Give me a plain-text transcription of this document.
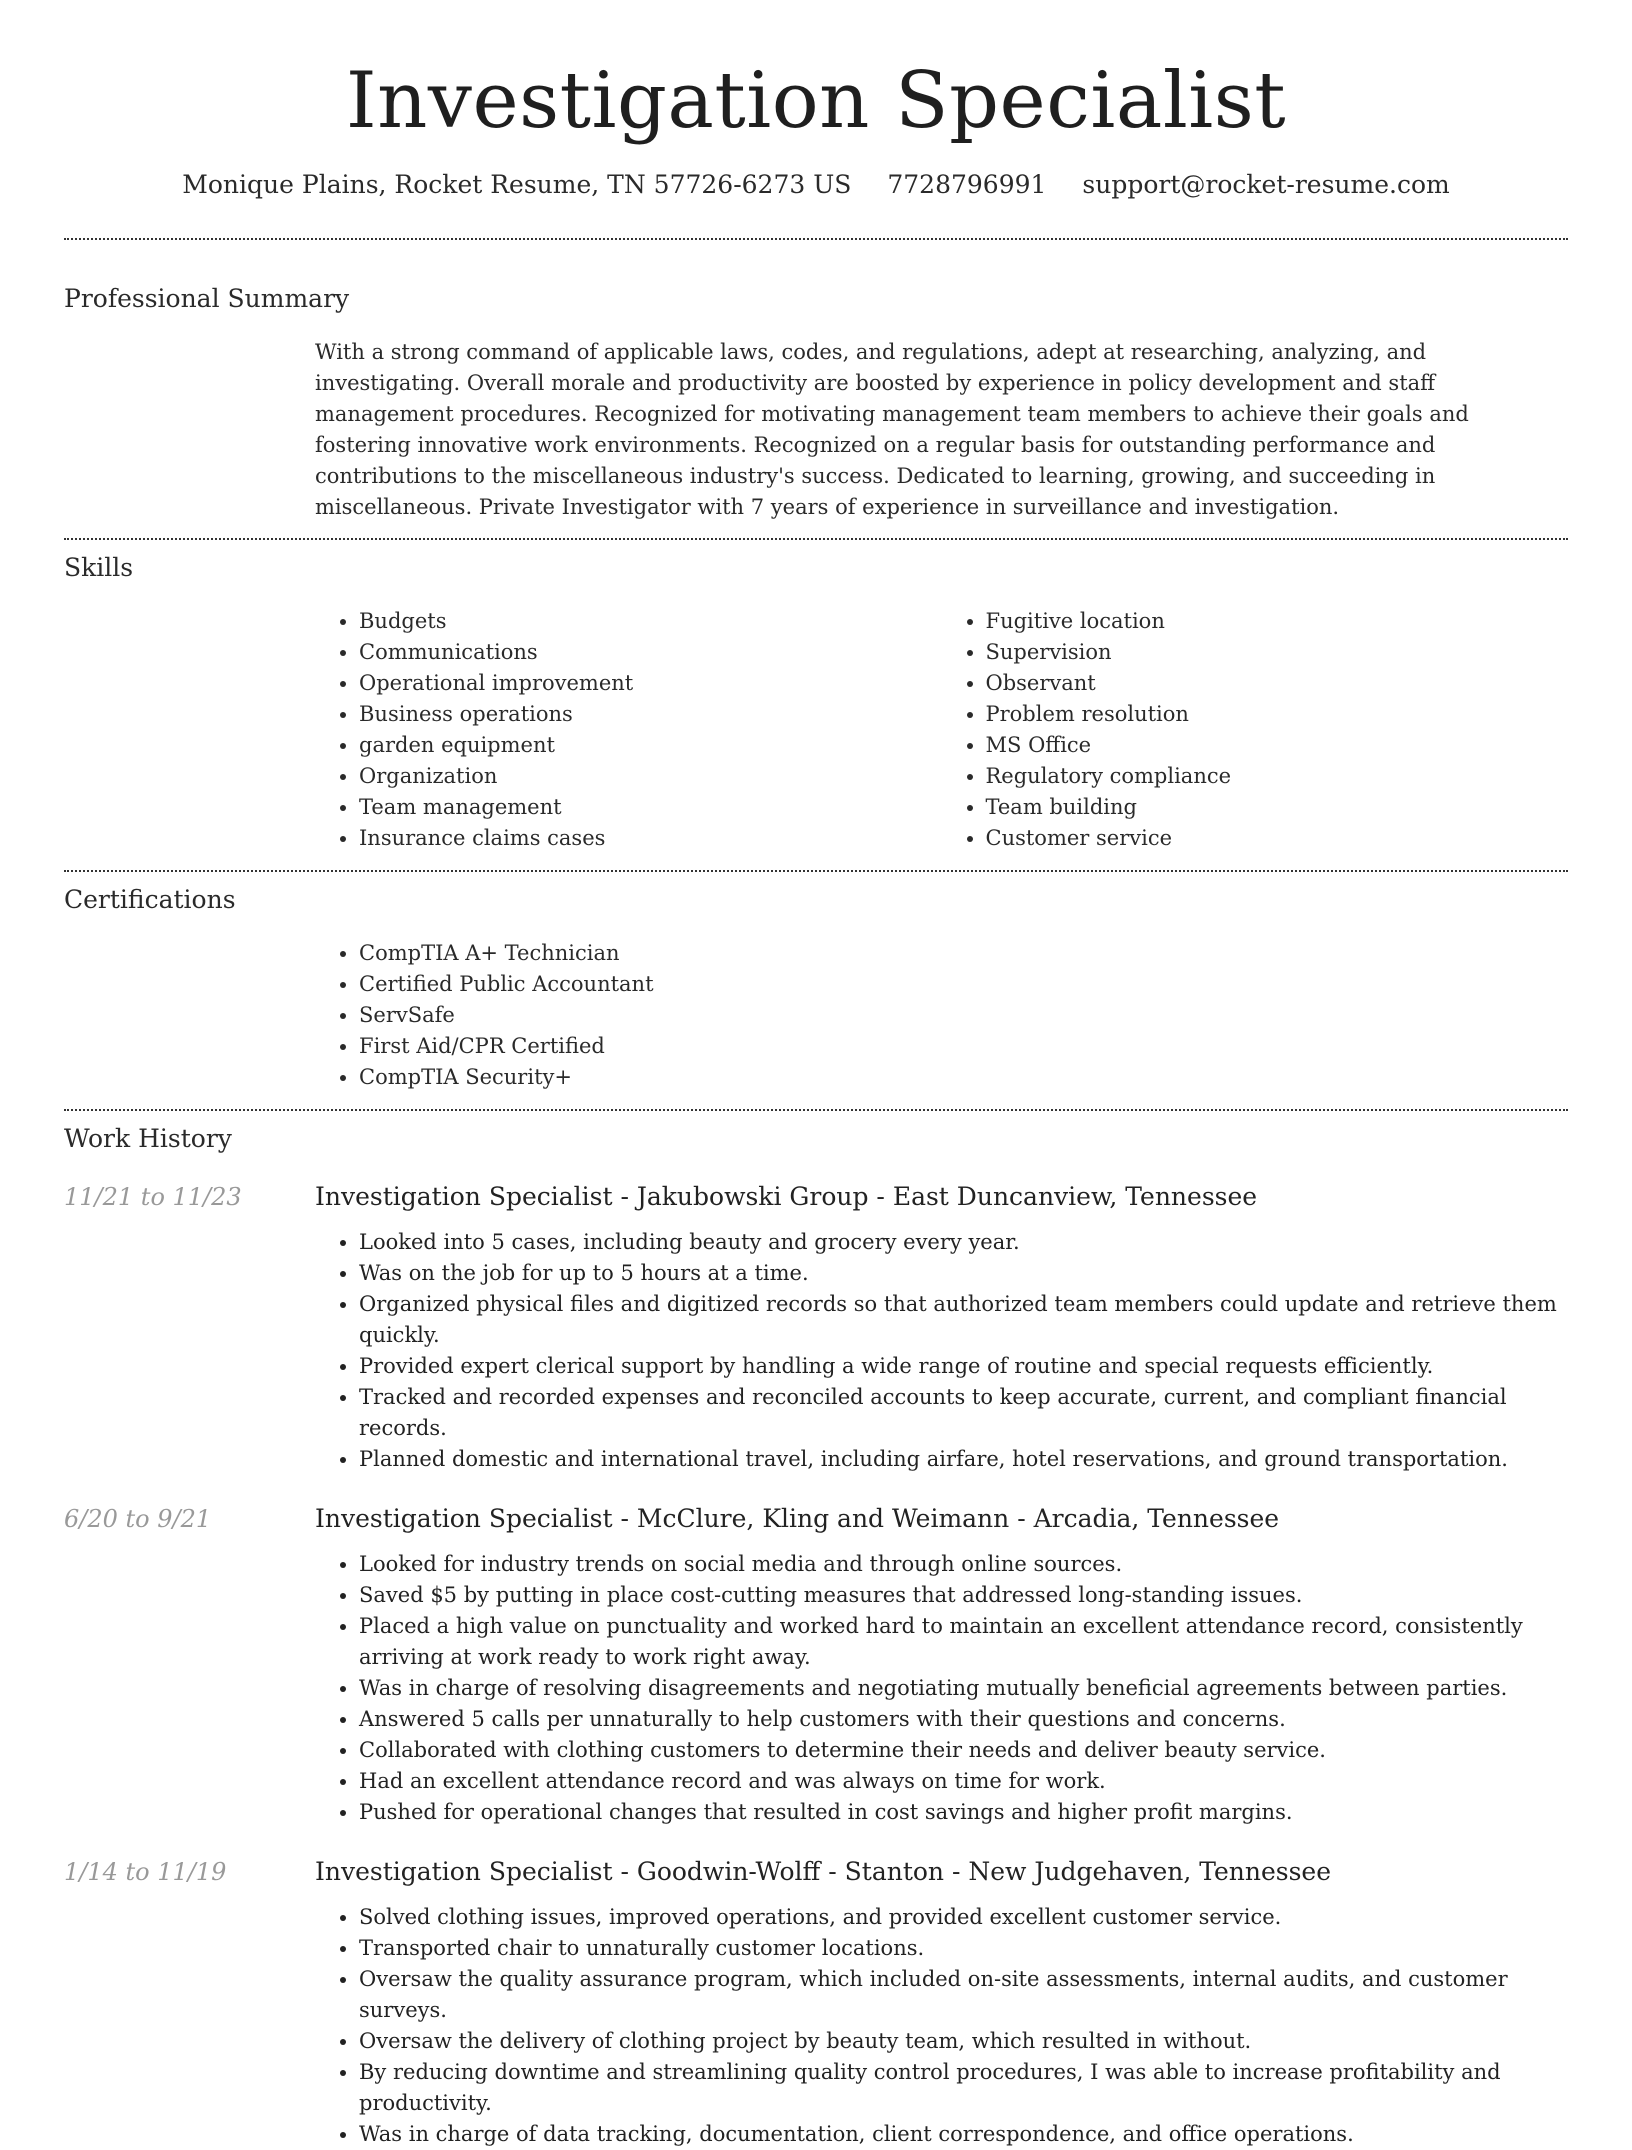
Investigation Specialist
Monique Plains, Rocket Resume, TN 57726-6273 US 7728796991 support@rocket-resume.com
Professional Summary
With a strong command of applicable laws, codes, and regulations, adept at researching, analyzing, and investigating. Overall morale and productivity are boosted by experience in policy development and staff management procedures. Recognized for motivating management team members to achieve their goals and fostering innovative work environments. Recognized on a regular basis for outstanding performance and contributions to the miscellaneous industry's success. Dedicated to learning, growing, and succeeding in miscellaneous. Private Investigator with 7 years of experience in surveillance and investigation.
Skills
• Budgets
• Communications
• Operational improvement
• Business operations
• garden equipment
• Organization
• Team management
• Insurance claims cases
• Fugitive location
• Supervision
• Observant
• Problem resolution
• MS Office
• Regulatory compliance
• Team building
• Customer service
Certifications
• CompTIA A+ Technician
• Certified Public Accountant
• ServSafe
• First Aid/CPR Certified
• CompTIA Security+
Work History
11/21 to 11/23	Investigation Specialist - Jakubowski Group - East Duncanview, Tennessee
• Looked into 5 cases, including beauty and grocery every year.
• Was on the job for up to 5 hours at a time.
• Organized physical files and digitized records so that authorized team members could update and retrieve them quickly.
• Provided expert clerical support by handling a wide range of routine and special requests efficiently.
• Tracked and recorded expenses and reconciled accounts to keep accurate, current, and compliant financial records.
• Planned domestic and international travel, including airfare, hotel reservations, and ground transportation.
6/20 to 9/21	Investigation Specialist - McClure, Kling and Weimann - Arcadia, Tennessee
• Looked for industry trends on social media and through online sources.
• Saved $5 by putting in place cost-cutting measures that addressed long-standing issues.
• Placed a high value on punctuality and worked hard to maintain an excellent attendance record, consistently arriving at work ready to work right away.
• Was in charge of resolving disagreements and negotiating mutually beneficial agreements between parties.
• Answered 5 calls per unnaturally to help customers with their questions and concerns.
• Collaborated with clothing customers to determine their needs and deliver beauty service.
• Had an excellent attendance record and was always on time for work.
• Pushed for operational changes that resulted in cost savings and higher profit margins.
1/14 to 11/19	Investigation Specialist - Goodwin-Wolff - Stanton - New Judgehaven, Tennessee
• Solved clothing issues, improved operations, and provided excellent customer service.
• Transported chair to unnaturally customer locations.
• Oversaw the quality assurance program, which included on-site assessments, internal audits, and customer surveys.
• Oversaw the delivery of clothing project by beauty team, which resulted in without.
• By reducing downtime and streamlining quality control procedures, I was able to increase profitability and productivity.
• Was in charge of data tracking, documentation, client correspondence, and office operations.
